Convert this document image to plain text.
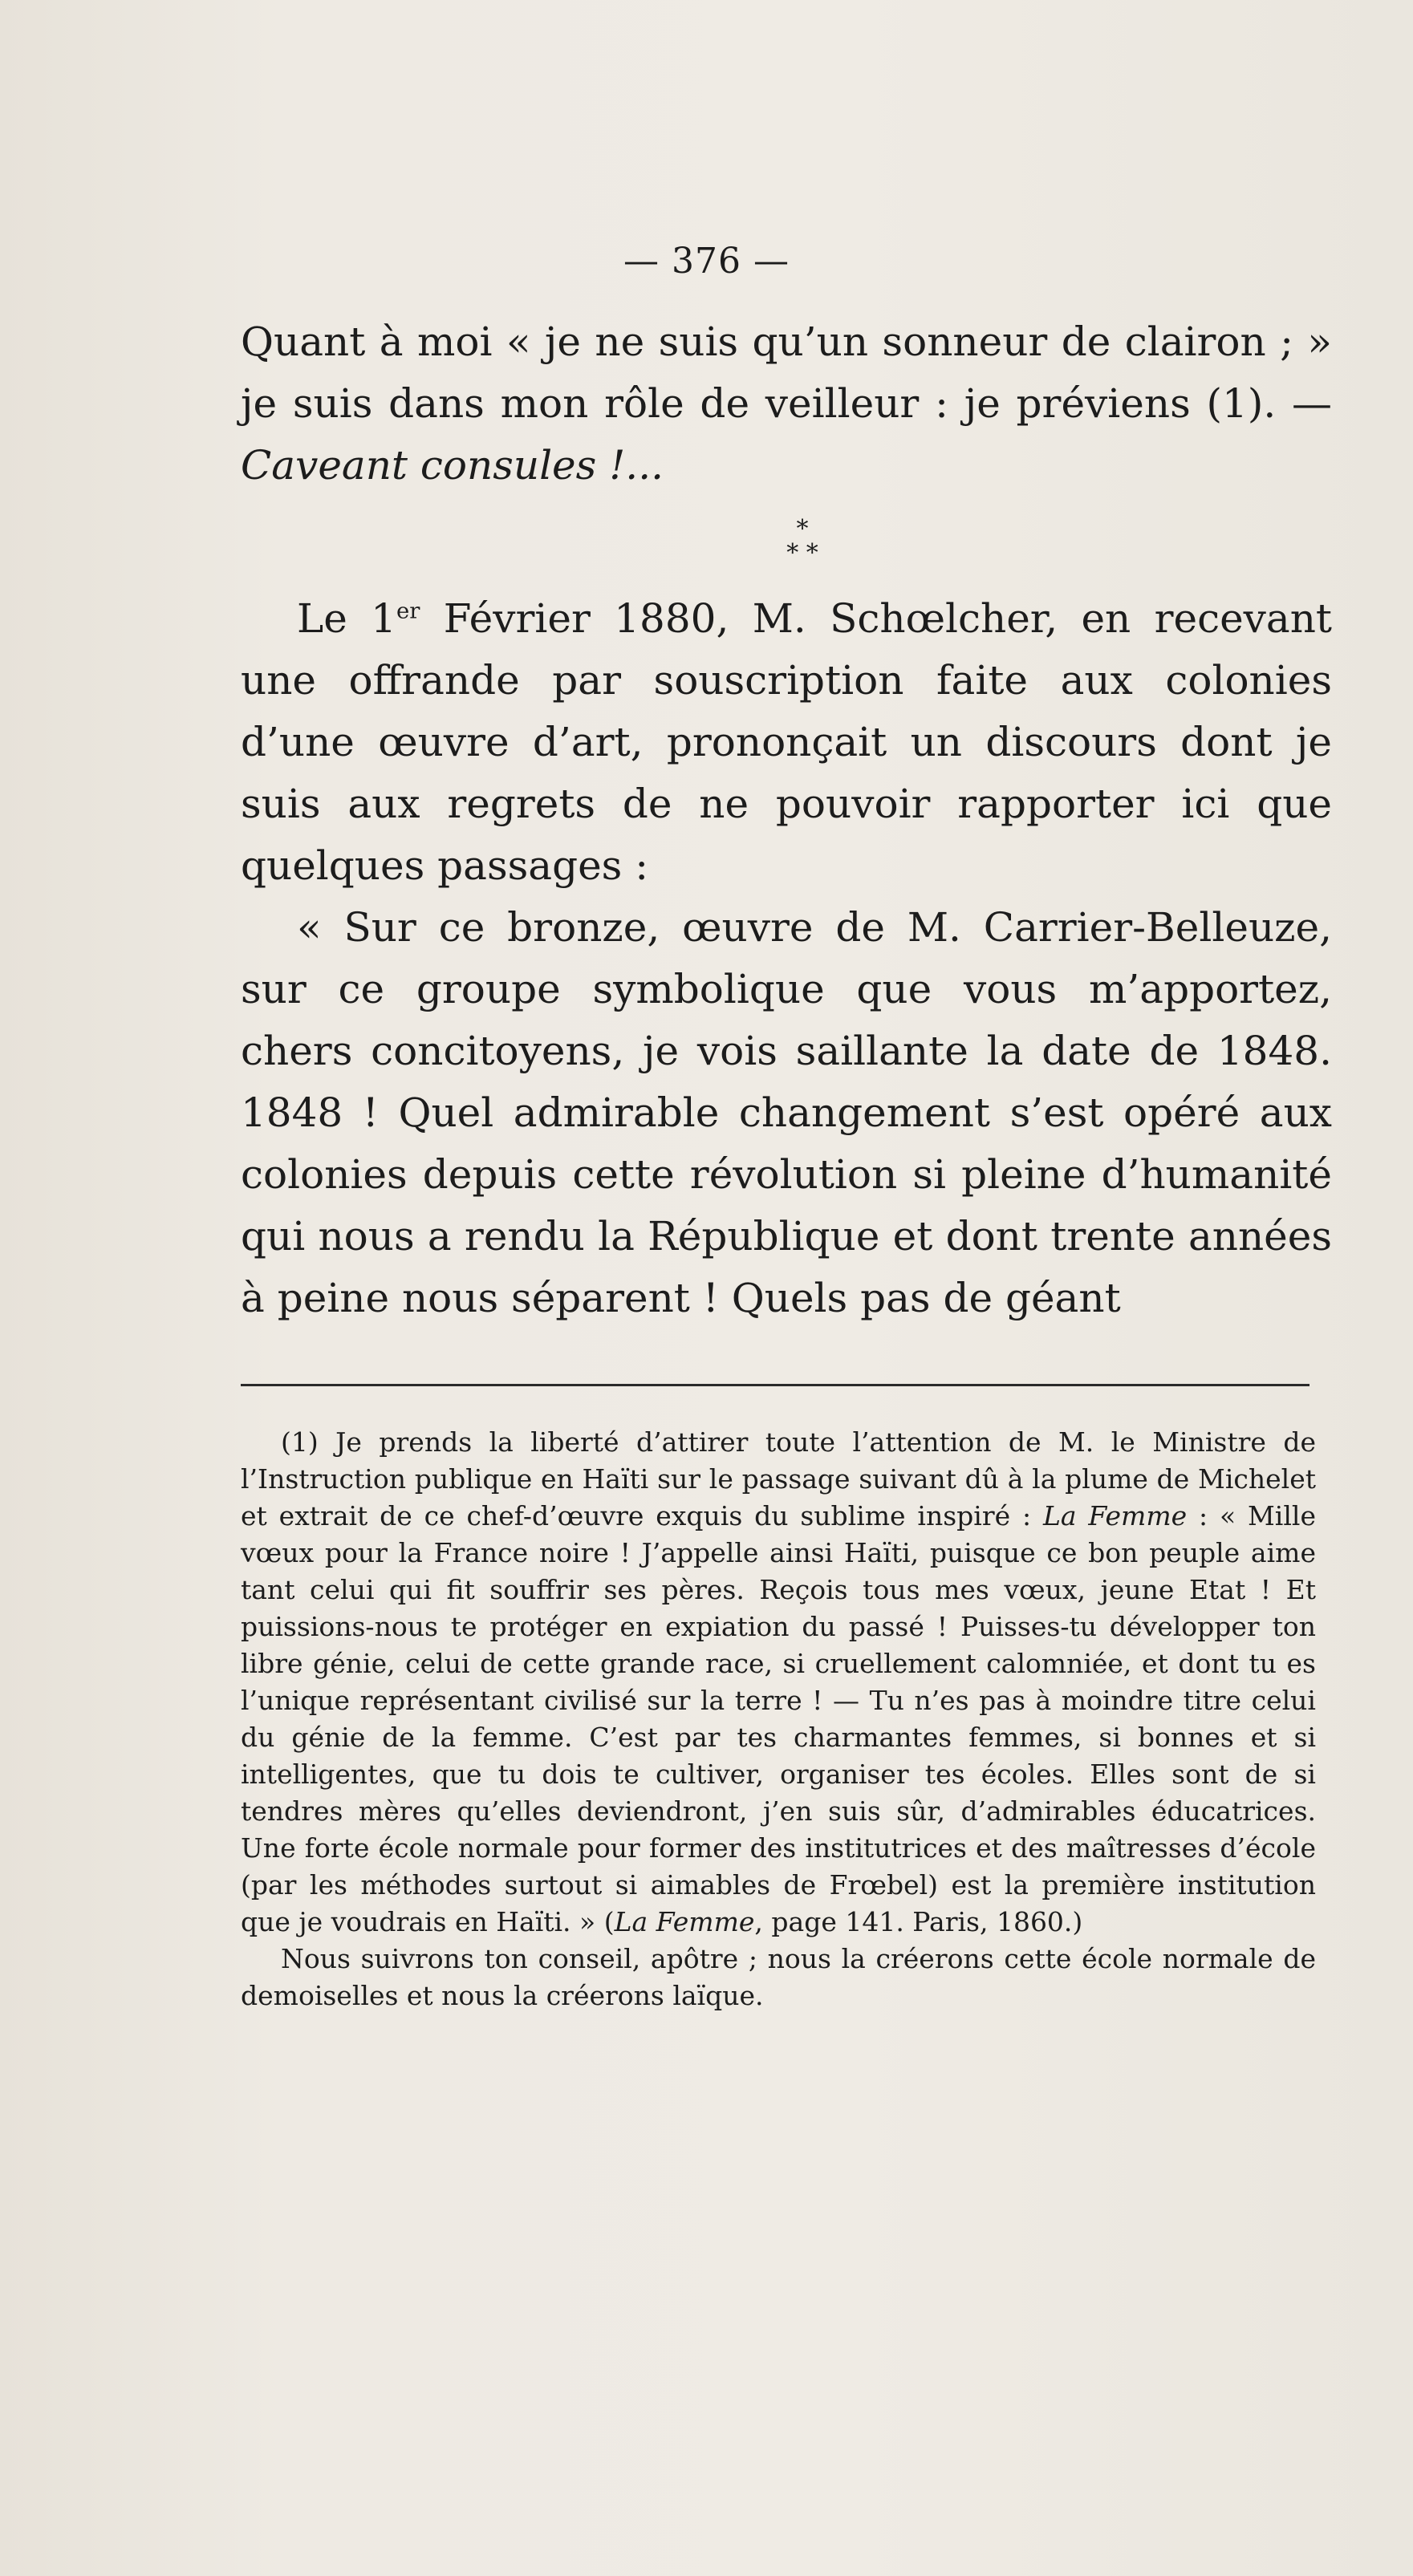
— 376 —

Quant à moi « je ne suis qu’un sonneur de clairon ; » je suis dans mon rôle de veilleur : je préviens (1). — Caveant consules !...

*
* *

Le 1er Février 1880, M. Schœlcher, en recevant une offrande par souscription faite aux colonies d’une œuvre d’art, prononçait un discours dont je suis aux regrets de ne pouvoir rapporter ici que quelques passages :

« Sur ce bronze, œuvre de M. Carrier-Belleuze, sur ce groupe symbolique que vous m’apportez, chers concitoyens, je vois saillante la date de 1848. 1848 ! Quel admirable changement s’est opéré aux colonies depuis cette révolution si pleine d’humanité qui nous a rendu la République et dont trente années à peine nous séparent ! Quels pas de géant

(1) Je prends la liberté d’attirer toute l’attention de M. le Ministre de l’Instruction publique en Haïti sur le passage suivant dû à la plume de Michelet et extrait de ce chef-d’œuvre exquis du sublime inspiré : La Femme : « Mille vœux pour la France noire ! J’appelle ainsi Haïti, puisque ce bon peuple aime tant celui qui fit souffrir ses pères. Reçois tous mes vœux, jeune Etat ! Et puissions-nous te protéger en expiation du passé ! Puisses-tu développer ton libre génie, celui de cette grande race, si cruellement calomniée, et dont tu es l’unique représentant civilisé sur la terre ! — Tu n’es pas à moindre titre celui du génie de la femme. C’est par tes charmantes femmes, si bonnes et si intelligentes, que tu dois te cultiver, organiser tes écoles. Elles sont de si tendres mères qu’elles deviendront, j’en suis sûr, d’admirables éducatrices. Une forte école normale pour former des institutrices et des maîtresses d’école (par les méthodes surtout si aimables de Frœbel) est la première institution que je voudrais en Haïti. » (La Femme, page 141. Paris, 1860.)

Nous suivrons ton conseil, apôtre ; nous la créerons cette école normale de demoiselles et nous la créerons laïque.
